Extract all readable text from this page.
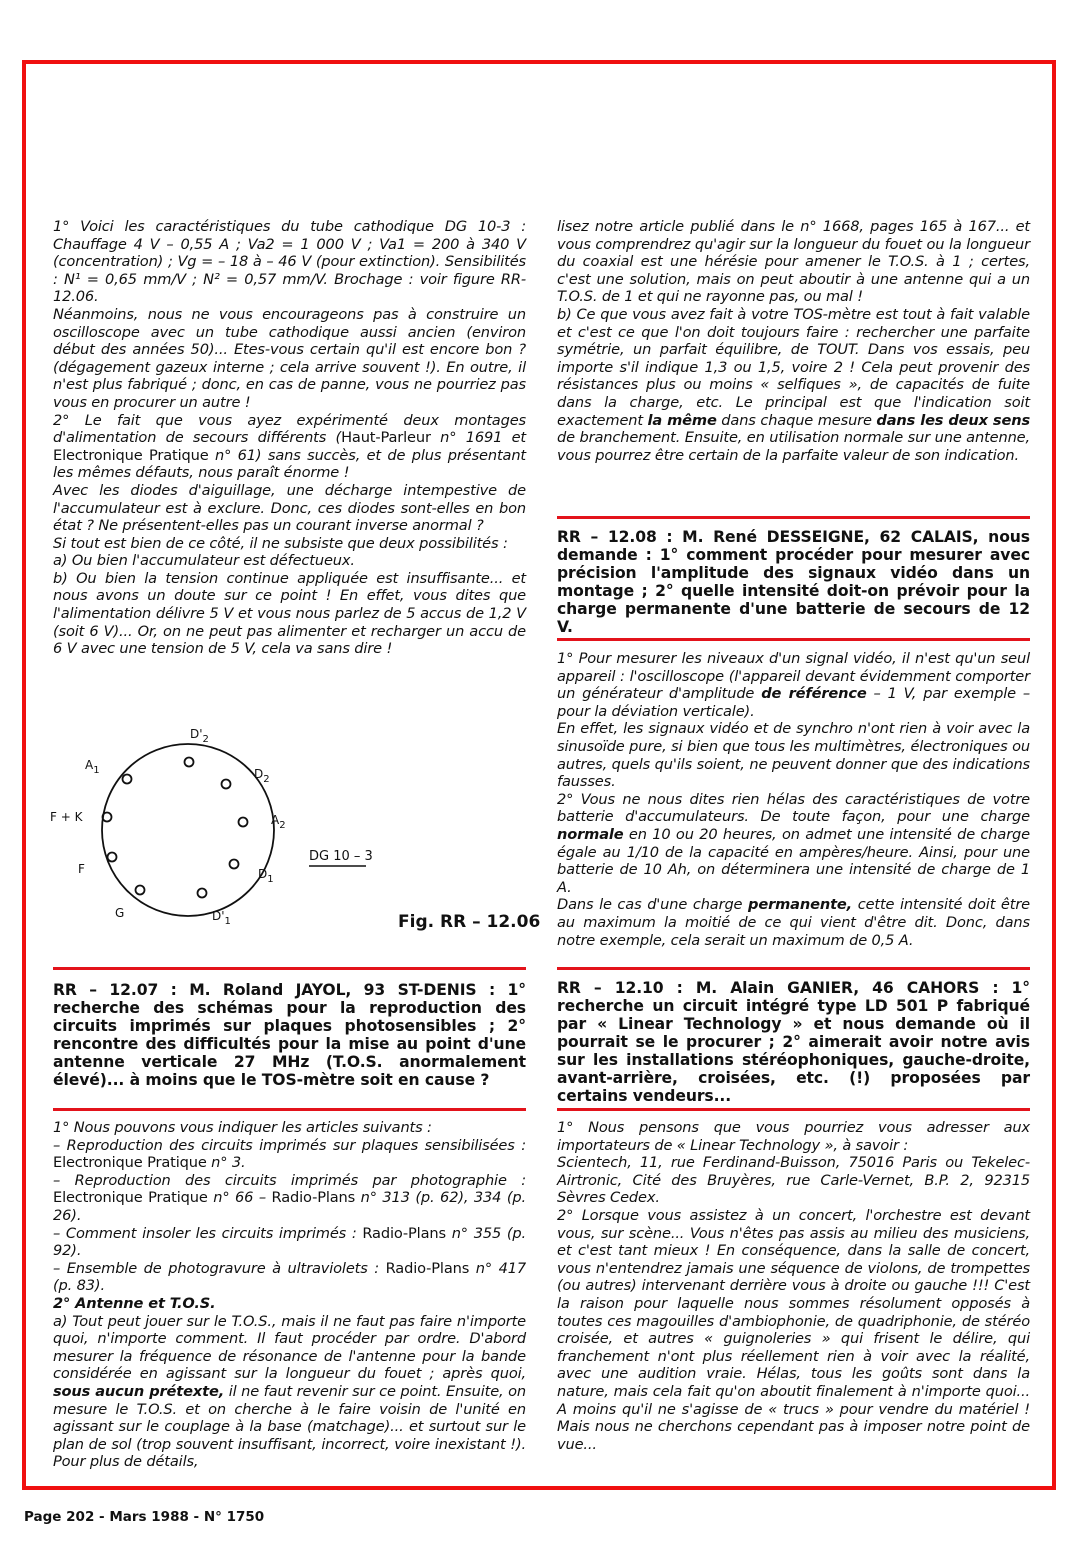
1° Voici les caractéristiques du tube cathodique DG 10-3 : Chauffage 4 V – 0,55 A ; Va2 = 1 000 V ; Va1 = 200 à 340 V (concentration) ; Vg = – 18 à – 46 V (pour extinction). Sensibilités : N¹ = 0,65 mm/V ; N² = 0,57 mm/V. Brochage : voir figure RR-12.06.

Néanmoins, nous ne vous encourageons pas à construire un oscilloscope avec un tube cathodique aussi ancien (environ début des années 50)... Etes-vous certain qu'il est encore bon ? (dégagement gazeux interne ; cela arrive souvent !). En outre, il n'est plus fabriqué ; donc, en cas de panne, vous ne pourriez pas vous en procurer un autre !

2° Le fait que vous ayez expérimenté deux montages d'alimentation de secours différents (Haut-Parleur n° 1691 et Electronique Pratique n° 61) sans succès, et de plus présentant les mêmes défauts, nous paraît énorme !

Avec les diodes d'aiguillage, une décharge intempestive de l'accumulateur est à exclure. Donc, ces diodes sont-elles en bon état ? Ne présentent-elles pas un courant inverse anormal ?

Si tout est bien de ce côté, il ne subsiste que deux possibilités :

a) Ou bien l'accumulateur est défectueux.

b) Ou bien la tension continue appliquée est insuffisante... et nous avons un doute sur ce point ! En effet, vous dites que l'alimentation délivre 5 V et vous nous parlez de 5 accus de 1,2 V (soit 6 V)... Or, on ne peut pas alimenter et recharger un accu de 6 V avec une tension de 5 V, cela va sans dire !

$D'_2$
$D_2$
$A_2$
$D_1$
$D'_1$
G
F
F + K
$A_1$
DG 10 – 3
Fig. RR – 12.06
RR – 12.07 : M. Roland JAYOL, 93 ST-DENIS : 1° recherche des schémas pour la reproduction des circuits imprimés sur plaques photosensibles ; 2° rencontre des difficultés pour la mise au point d'une antenne verticale 27 MHz (T.O.S. anormalement élevé)... à moins que le TOS-mètre soit en cause ?

1° Nous pouvons vous indiquer les articles suivants :

– Reproduction des circuits imprimés sur plaques sensibilisées : Electronique Pratique n° 3.

– Reproduction des circuits imprimés par photographie : Electronique Pratique n° 66 – Radio-Plans n° 313 (p. 62), 334 (p. 26).

– Comment insoler les circuits imprimés : Radio-Plans n° 355 (p. 92).

– Ensemble de photogravure à ultraviolets : Radio-Plans n° 417 (p. 83).

2° Antenne et T.O.S.

a) Tout peut jouer sur le T.O.S., mais il ne faut pas faire n'importe quoi, n'importe comment. Il faut procéder par ordre. D'abord mesurer la fréquence de résonance de l'antenne pour la bande considérée en agissant sur la longueur du fouet ; après quoi, sous aucun prétexte, il ne faut revenir sur ce point. Ensuite, on mesure le T.O.S. et on cherche à le faire voisin de l'unité en agissant sur le couplage à la base (matchage)... et surtout sur le plan de sol (trop souvent insuffisant, incorrect, voire inexistant !). Pour plus de détails,

lisez notre article publié dans le n° 1668, pages 165 à 167... et vous comprendrez qu'agir sur la longueur du fouet ou la longueur du coaxial est une hérésie pour amener le T.O.S. à 1 ; certes, c'est une solution, mais on peut aboutir à une antenne qui a un T.O.S. de 1 et qui ne rayonne pas, ou mal !

b) Ce que vous avez fait à votre TOS-mètre est tout à fait valable et c'est ce que l'on doit toujours faire : rechercher une parfaite symétrie, un parfait équilibre, de TOUT. Dans vos essais, peu importe s'il indique 1,3 ou 1,5, voire 2 ! Cela peut provenir des résistances plus ou moins « selfiques », de capacités de fuite dans la charge, etc. Le principal est que l'indication soit exactement la même dans chaque mesure dans les deux sens de branchement. Ensuite, en utilisation normale sur une antenne, vous pourrez être certain de la parfaite valeur de son indication.

RR – 12.08 : M. René DESSEIGNE, 62 CALAIS, nous demande : 1° comment procéder pour mesurer avec précision l'amplitude des signaux vidéo dans un montage ; 2° quelle intensité doit-on prévoir pour la charge permanente d'une batterie de secours de 12 V.

1° Pour mesurer les niveaux d'un signal vidéo, il n'est qu'un seul appareil : l'oscilloscope (l'appareil devant évidemment comporter un générateur d'amplitude de référence – 1 V, par exemple – pour la déviation verticale).

En effet, les signaux vidéo et de synchro n'ont rien à voir avec la sinusoïde pure, si bien que tous les multimètres, électroniques ou autres, quels qu'ils soient, ne peuvent donner que des indications fausses.

2° Vous ne nous dites rien hélas des caractéristiques de votre batterie d'accumulateurs. De toute façon, pour une charge normale en 10 ou 20 heures, on admet une intensité de charge égale au 1/10 de la capacité en ampères/heure. Ainsi, pour une batterie de 10 Ah, on déterminera une intensité de charge de 1 A.

Dans le cas d'une charge permanente, cette intensité doit être au maximum la moitié de ce qui vient d'être dit. Donc, dans notre exemple, cela serait un maximum de 0,5 A.

RR – 12.10 : M. Alain GANIER, 46 CAHORS : 1° recherche un circuit intégré type LD 501 P fabriqué par « Linear Technology » et nous demande où il pourrait se le procurer ; 2° aimerait avoir notre avis sur les installations stéréophoniques, gauche-droite, avant-arrière, croisées, etc. (!) proposées par certains vendeurs...

1° Nous pensons que vous pourriez vous adresser aux importateurs de « Linear Technology », à savoir :

Scientech, 11, rue Ferdinand-Buisson, 75016 Paris ou Tekelec-Airtronic, Cité des Bruyères, rue Carle-Vernet, B.P. 2, 92315 Sèvres Cedex.

2° Lorsque vous assistez à un concert, l'orchestre est devant vous, sur scène... Vous n'êtes pas assis au milieu des musiciens, et c'est tant mieux ! En conséquence, dans la salle de concert, vous n'entendrez jamais une séquence de violons, de trompettes (ou autres) intervenant derrière vous à droite ou gauche !!! C'est la raison pour laquelle nous sommes résolument opposés à toutes ces magouilles d'ambiophonie, de quadriphonie, de stéréo croisée, et autres « guignoleries » qui frisent le délire, qui franchement n'ont plus réellement rien à voir avec la réalité, avec une audition vraie. Hélas, tous les goûts sont dans la nature, mais cela fait qu'on aboutit finalement à n'importe quoi... A moins qu'il ne s'agisse de « trucs » pour vendre du matériel ! Mais nous ne cherchons cependant pas à imposer notre point de vue...

Page 202 - Mars 1988 - N° 1750
